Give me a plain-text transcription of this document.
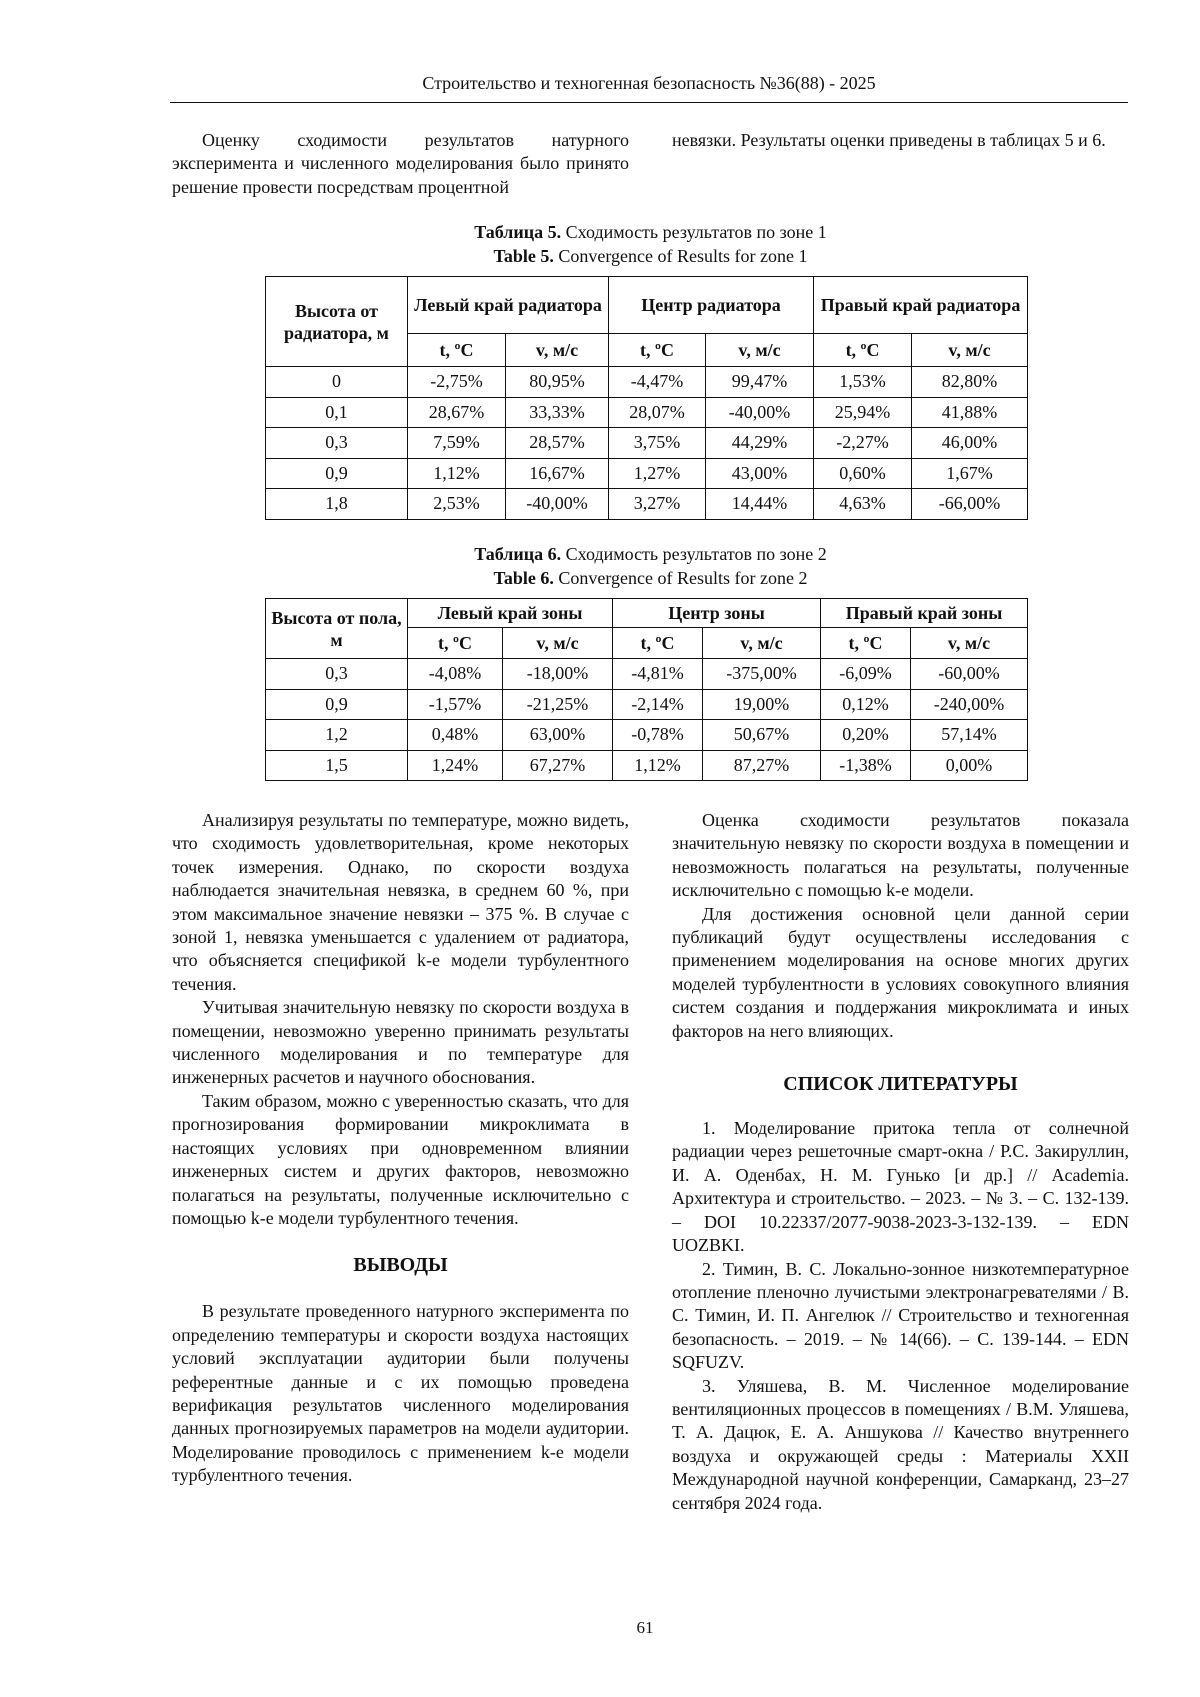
Строительство и техногенная безопасность №36(88) - 2025

Оценку сходимости результатов натурного эксперимента и численного моделирования было принято решение провести посредствам процентной

невязки. Результаты оценки приведены в таблицах 5 и 6.

Таблица 5. Сходимость результатов по зоне 1
Table 5. Convergence of Results for zone 1
Высота от радиатора, м	Левый край радиатора		Центр радиатора		Правый край радиатора	
	t, ºC	v, м/с	t, ºC	v, м/с	t, ºC	v, м/с
0	-2,75%	80,95%	-4,47%	99,47%	1,53%	82,80%
0,1	28,67%	33,33%	28,07%	-40,00%	25,94%	41,88%
0,3	7,59%	28,57%	3,75%	44,29%	-2,27%	46,00%
0,9	1,12%	16,67%	1,27%	43,00%	0,60%	1,67%
1,8	2,53%	-40,00%	3,27%	14,44%	4,63%	-66,00%
Таблица 6. Сходимость результатов по зоне 2
Table 6. Convergence of Results for zone 2
Высота от пола, м	Левый край зоны		Центр зоны		Правый край зоны	
	t, ºC	v, м/с	t, ºC	v, м/с	t, ºC	v, м/с
0,3	-4,08%	-18,00%	-4,81%	-375,00%	-6,09%	-60,00%
0,9	-1,57%	-21,25%	-2,14%	19,00%	0,12%	-240,00%
1,2	0,48%	63,00%	-0,78%	50,67%	0,20%	57,14%
1,5	1,24%	67,27%	1,12%	87,27%	-1,38%	0,00%

Анализируя результаты по температуре, можно видеть, что сходимость удовлетворительная, кроме некоторых точек измерения. Однако, по скорости воздуха наблюдается значительная невязка, в среднем 60 %, при этом максимальное значение невязки – 375 %. В случае с зоной 1, невязка уменьшается с удалением от радиатора, что объясняется спецификой k-e модели турбулентного течения.

Учитывая значительную невязку по скорости воздуха в помещении, невозможно уверенно принимать результаты численного моделирования и по температуре для инженерных расчетов и научного обоснования.

Таким образом, можно с уверенностью сказать, что для прогнозирования формировании микроклимата в настоящих условиях при одновременном влиянии инженерных систем и других факторов, невозможно полагаться на результаты, полученные исключительно с помощью k-e модели турбулентного течения.

ВЫВОДЫ

В результате проведенного натурного эксперимента по определению температуры и скорости воздуха настоящих условий эксплуатации аудитории были получены референтные данные и с их помощью проведена верификация результатов численного моделирования данных прогнозируемых параметров на модели аудитории. Моделирование проводилось с применением k-e модели турбулентного течения.

Оценка сходимости результатов показала значительную невязку по скорости воздуха в помещении и невозможность полагаться на результаты, полученные исключительно с помощью k-e модели.

Для достижения основной цели данной серии публикаций будут осуществлены исследования с применением моделирования на основе многих других моделей турбулентности в условиях совокупного влияния систем создания и поддержания микроклимата и иных факторов на него влияющих.

СПИСОК ЛИТЕРАТУРЫ

1. Моделирование притока тепла от солнечной радиации через решеточные смарт-окна / Р.С. Закируллин, И. А. Оденбах, Н. М. Гунько [и др.] // Academia. Архитектура и строительство. – 2023. – № 3. – С. 132-139. – DOI 10.22337/2077-9038-2023-3-132-139. – EDN UOZBKI.

2. Тимин, В. С. Локально-зонное низкотемпературное отопление пленочно лучистыми электронагревателями / В. С. Тимин, И. П. Ангелюк // Строительство и техногенная безопасность. – 2019. – № 14(66). – С. 139-144. – EDN SQFUZV.

3. Уляшева, В. М. Численное моделирование вентиляционных процессов в помещениях / В.М. Уляшева, Т. А. Дацюк, Е. А. Аншукова // Качество внутреннего воздуха и окружающей среды : Материалы XXII Международной научной конференции, Самарканд, 23–27 сентября 2024 года.

61
